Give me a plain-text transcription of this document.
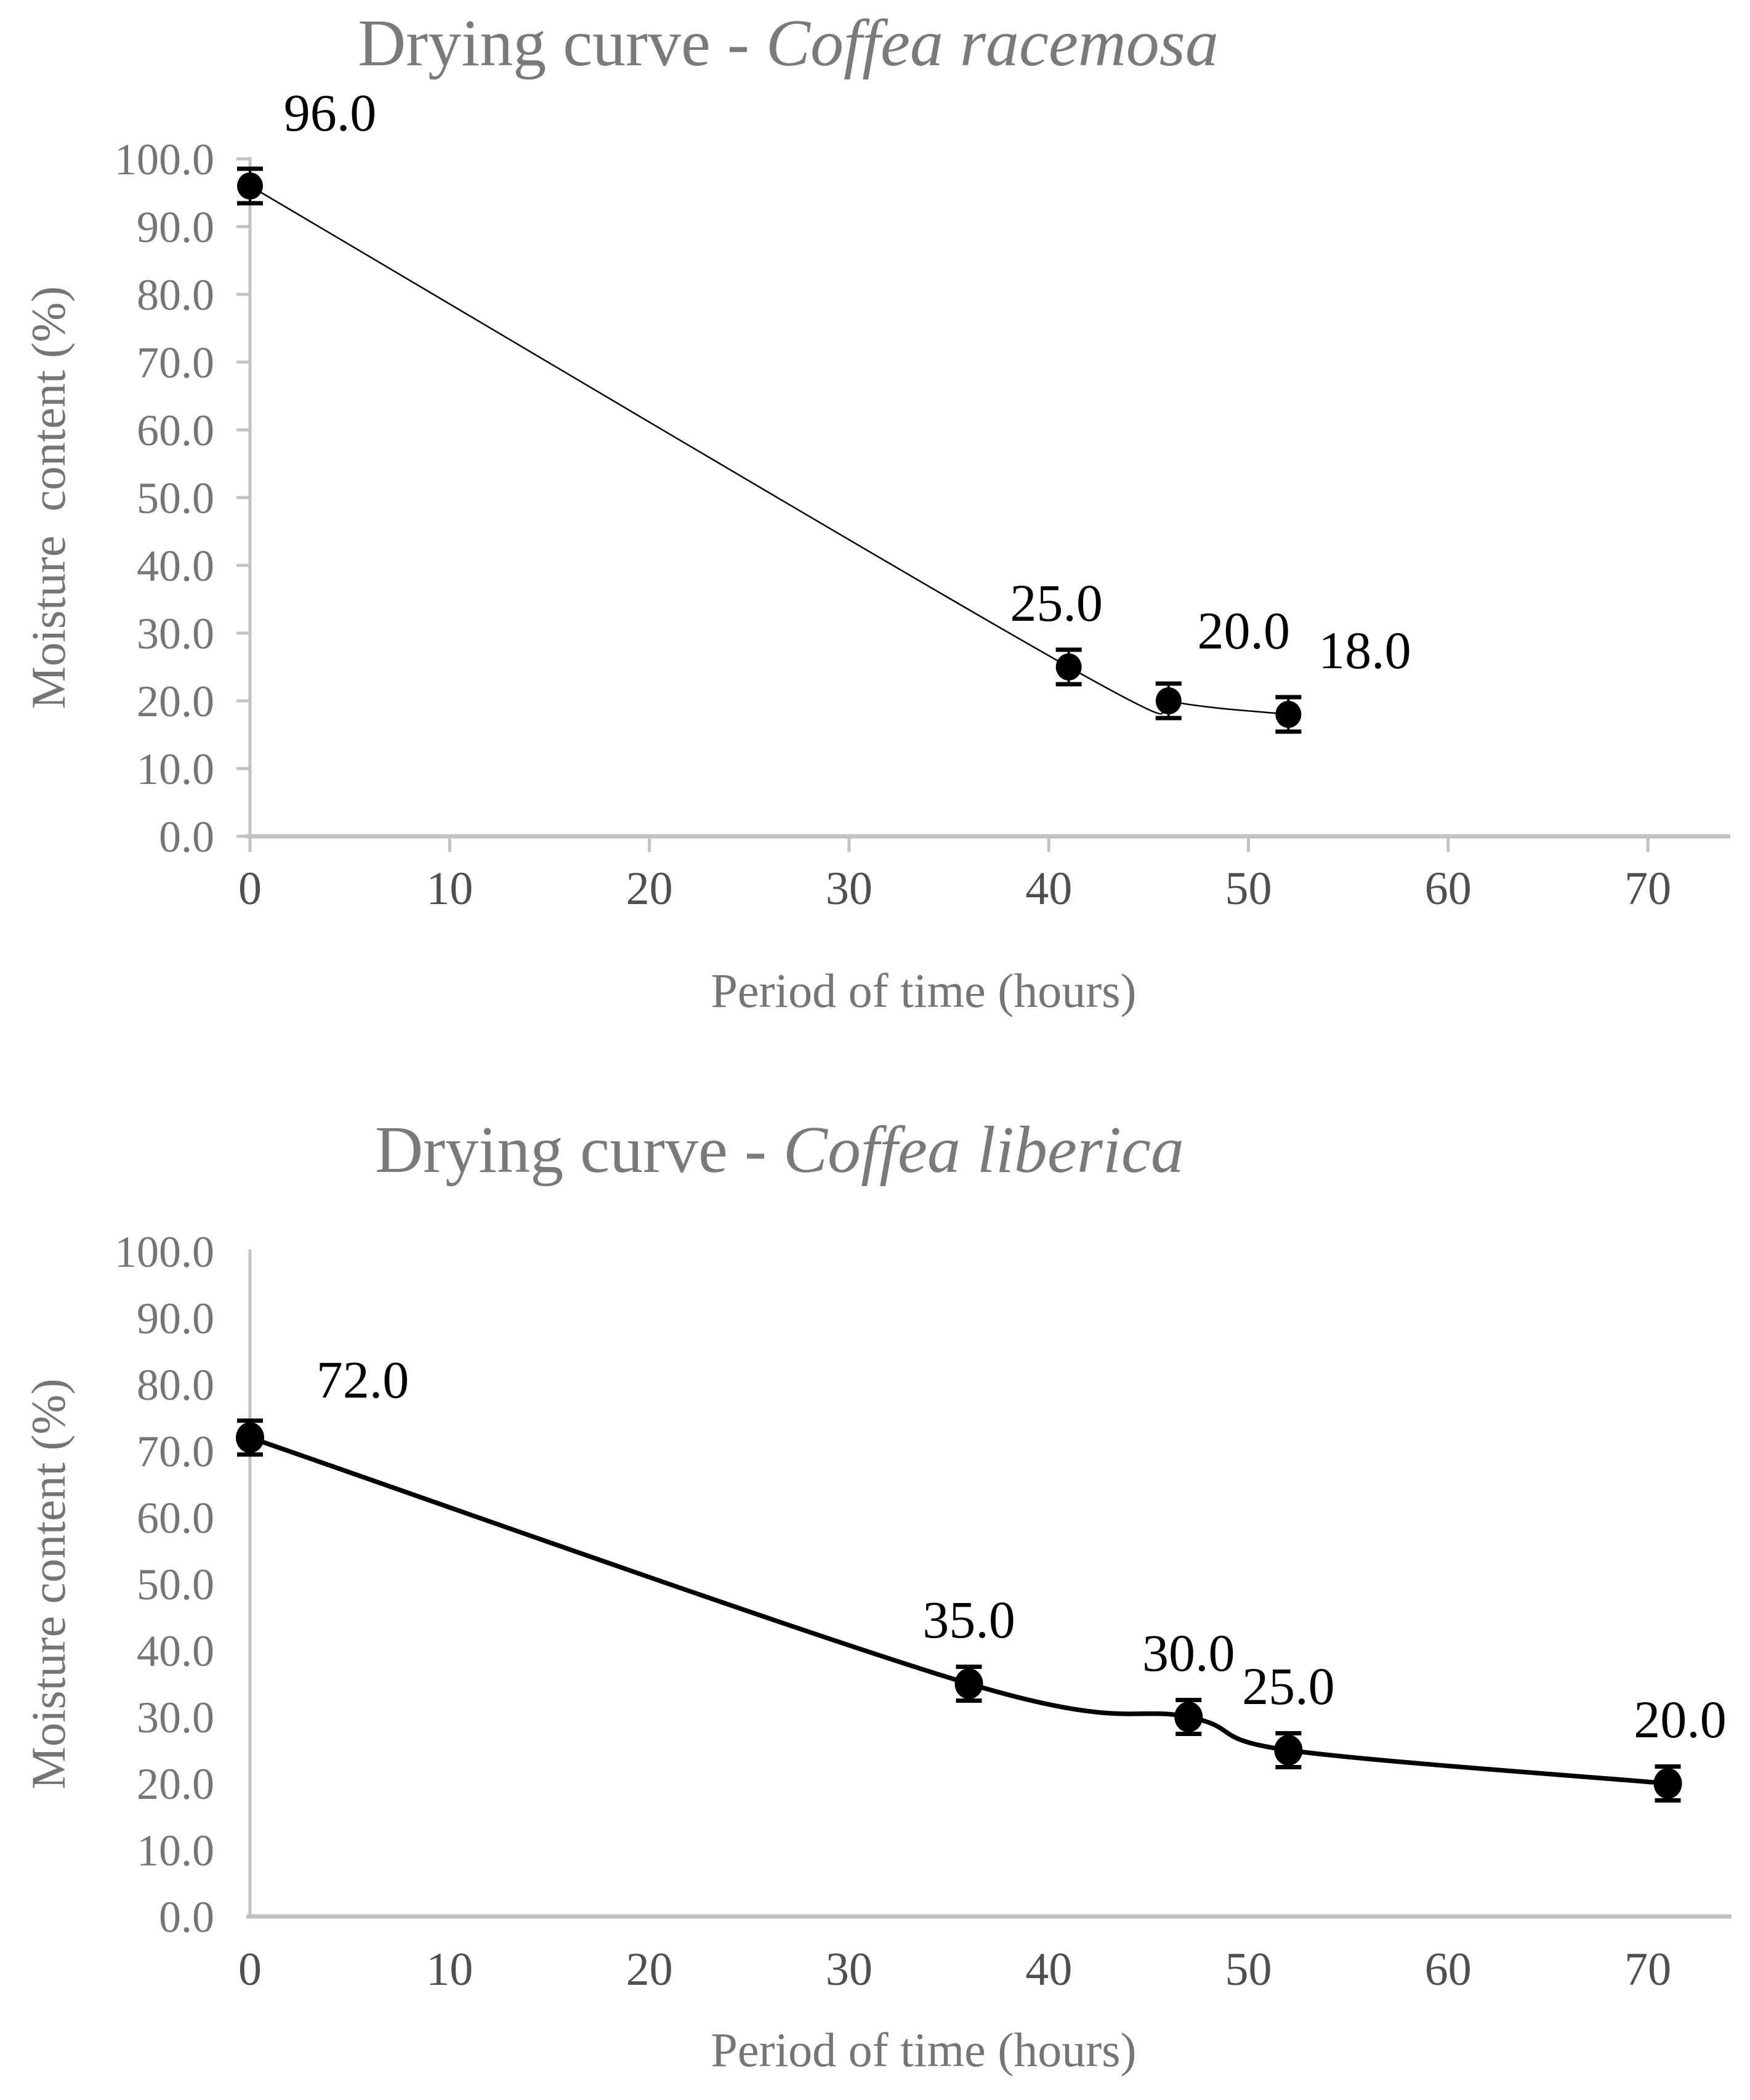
Drying curve - Coffea racemosa
Moisture  content (%)
Period of time (hours)
100.0
90.0
80.0
70.0
60.0
50.0
40.0
30.0
20.0
10.0
0.0
0	10	20	30	40	50	60	70
96.0
25.0 20.0 18.0
Drying curve - Coffea liberica
Moisture content (%)
Period of time (hours)
100.0
90.0
80.0
70.0
60.0
50.0
40.0
30.0
20.0
10.0
0.0
0	10	20	30	40	50	60	70
72.0
35.0
30.0
25.0
20.0
